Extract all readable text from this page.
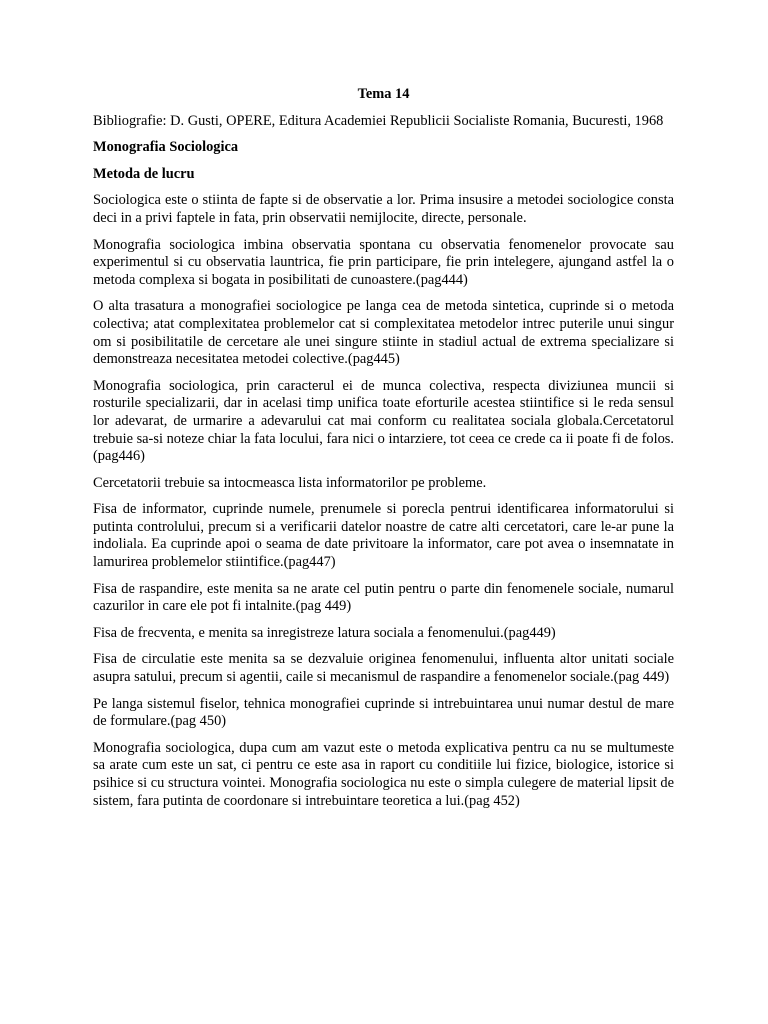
Tema 14
Bibliografie: D. Gusti, OPERE, Editura Academiei Republicii Socialiste Romania, Bucuresti, 1968
Monografia Sociologica
Metoda de lucru
Sociologica este o stiinta de fapte si de observatie a lor. Prima insusire a metodei sociologice consta deci in a privi faptele in fata, prin observatii nemijlocite, directe, personale.
Monografia sociologica imbina observatia spontana cu observatia fenomenelor provocate sau experimentul si cu observatia launtrica, fie prin participare, fie prin intelegere, ajungand astfel la o metoda complexa si bogata in posibilitati de cunoastere.(pag444)
O alta trasatura a monografiei sociologice pe langa cea de metoda sintetica, cuprinde si o metoda colectiva; atat complexitatea problemelor cat si complexitatea metodelor intrec puterile unui singur om si posibilitatile de cercetare ale unei singure stiinte in stadiul actual de extrema specializare si demonstreaza necesitatea metodei colective.(pag445)
Monografia sociologica, prin caracterul ei de munca colectiva, respecta diviziunea muncii si rosturile specializarii, dar in acelasi timp unifica toate eforturile acestea stiintifice si le reda sensul lor adevarat, de urmarire a adevarului cat mai conform cu realitatea sociala globala.Cercetatorul trebuie sa-si noteze chiar la fata locului, fara nici o intarziere, tot ceea ce crede ca ii poate fi de folos.(pag446)
Cercetatorii trebuie sa intocmeasca lista informatorilor pe probleme.
Fisa de informator, cuprinde numele, prenumele si porecla pentrui identificarea informatorului si putinta controlului, precum si a verificarii datelor noastre de catre alti cercetatori, care le-ar pune la indoliala. Ea cuprinde apoi o seama de date privitoare la informator, care pot avea o insemnatate in lamurirea problemelor stiintifice.(pag447)
Fisa de raspandire, este menita sa ne arate cel putin pentru o parte din fenomenele sociale, numarul cazurilor in care ele pot fi intalnite.(pag 449)
Fisa de frecventa, e menita sa inregistreze latura sociala a fenomenului.(pag449)
Fisa de circulatie este menita sa se dezvaluie originea fenomenului, influenta altor unitati sociale asupra satului, precum si agentii, caile si mecanismul de raspandire a fenomenelor sociale.(pag 449)
Pe langa sistemul fiselor, tehnica monografiei cuprinde si intrebuintarea unui numar destul de mare de formulare.(pag 450)
Monografia sociologica, dupa cum am vazut este o metoda explicativa pentru ca nu se multumeste sa arate cum este un sat, ci pentru ce este asa in raport cu conditiile lui fizice, biologice, istorice si psihice si cu structura vointei. Monografia sociologica nu este o simpla culegere de material lipsit de sistem, fara putinta de coordonare si intrebuintare teoretica a lui.(pag 452)
